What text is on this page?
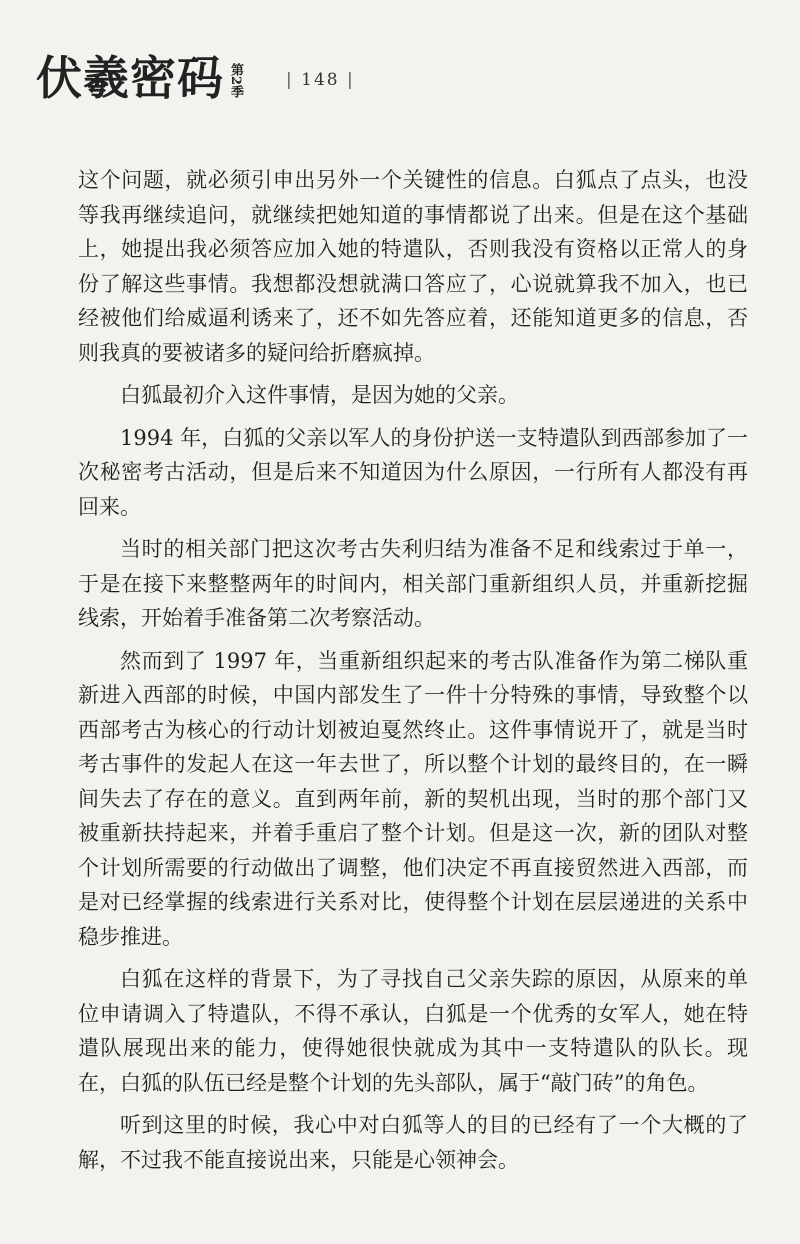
伏羲密码 第2季	| 148 |

这个问题，就必须引申出另外一个关键性的信息。白狐点了点头，也没等我再继续追问，就继续把她知道的事情都说了出来。但是在这个基础上，她提出我必须答应加入她的特遣队，否则我没有资格以正常人的身份了解这些事情。我想都没想就满口答应了，心说就算我不加入，也已经被他们给威逼利诱来了，还不如先答应着，还能知道更多的信息，否则我真的要被诸多的疑问给折磨疯掉。

白狐最初介入这件事情，是因为她的父亲。

1994 年，白狐的父亲以军人的身份护送一支特遣队到西部参加了一次秘密考古活动，但是后来不知道因为什么原因，一行所有人都没有再回来。

当时的相关部门把这次考古失利归结为准备不足和线索过于单一，于是在接下来整整两年的时间内，相关部门重新组织人员，并重新挖掘线索，开始着手准备第二次考察活动。

然而到了 1997 年，当重新组织起来的考古队准备作为第二梯队重新进入西部的时候，中国内部发生了一件十分特殊的事情，导致整个以西部考古为核心的行动计划被迫戛然终止。这件事情说开了，就是当时考古事件的发起人在这一年去世了，所以整个计划的最终目的，在一瞬间失去了存在的意义。直到两年前，新的契机出现，当时的那个部门又被重新扶持起来，并着手重启了整个计划。但是这一次，新的团队对整个计划所需要的行动做出了调整，他们决定不再直接贸然进入西部，而是对已经掌握的线索进行关系对比，使得整个计划在层层递进的关系中稳步推进。

白狐在这样的背景下，为了寻找自己父亲失踪的原因，从原来的单位申请调入了特遣队，不得不承认，白狐是一个优秀的女军人，她在特遣队展现出来的能力，使得她很快就成为其中一支特遣队的队长。现在，白狐的队伍已经是整个计划的先头部队，属于“敲门砖”的角色。

听到这里的时候，我心中对白狐等人的目的已经有了一个大概的了解，不过我不能直接说出来，只能是心领神会。
